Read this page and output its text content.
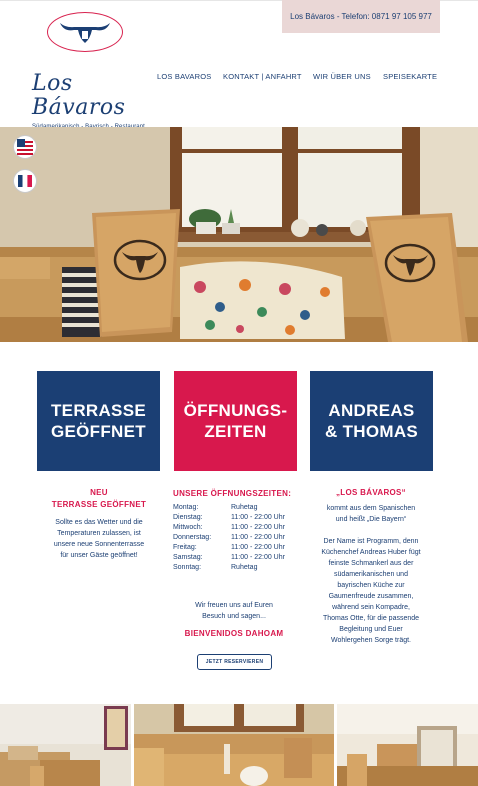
Los Bávaros
Los Bávaros - Telefon: 0871 97 105 977
LOS BAVAROS KONTAKT | ANFAHRT WIR ÜBER UNS SPEISEKARTE
TERRASSE
GEÖFFNET
ÖFFNUNGS-
ZEITEN
ANDREAS
& THOMAS
NEU
TERRASSE GEÖFFNET
Sollte es das Wetter und die
Temperaturen zulassen, ist
unsere neue Sonnenterrasse
für unser Gäste geöffnet!
UNSERE ÖFFNUNGSZEITEN:
Montag:	Ruhetag
Dienstag:	11:00 - 22:00 Uhr
Mittwoch:	11:00 - 22:00 Uhr
Donnerstag:	11:00 - 22:00 Uhr
Freitag:	11:00 - 22:00 Uhr
Samstag:	11:00 - 22:00 Uhr
Sonntag:	Ruhetag
Wir freuen uns auf Euren
Besuch und sagen...
BIENVENIDOS DAHOAM
JETZT RESERVIEREN
„LOS BÁVAROS“
kommt aus dem Spanischen
und heißt „Die Bayern“
Der Name ist Programm, denn
Küchenchef Andreas Huber fügt
feinste Schmankerl aus der
südamerikanischen und
bayrischen Küche zur
Gaumenfreude zusammen,
während sein Kompadre,
Thomas Otte, für die passende
Begleitung und Euer
Wohlergehen Sorge trägt.
